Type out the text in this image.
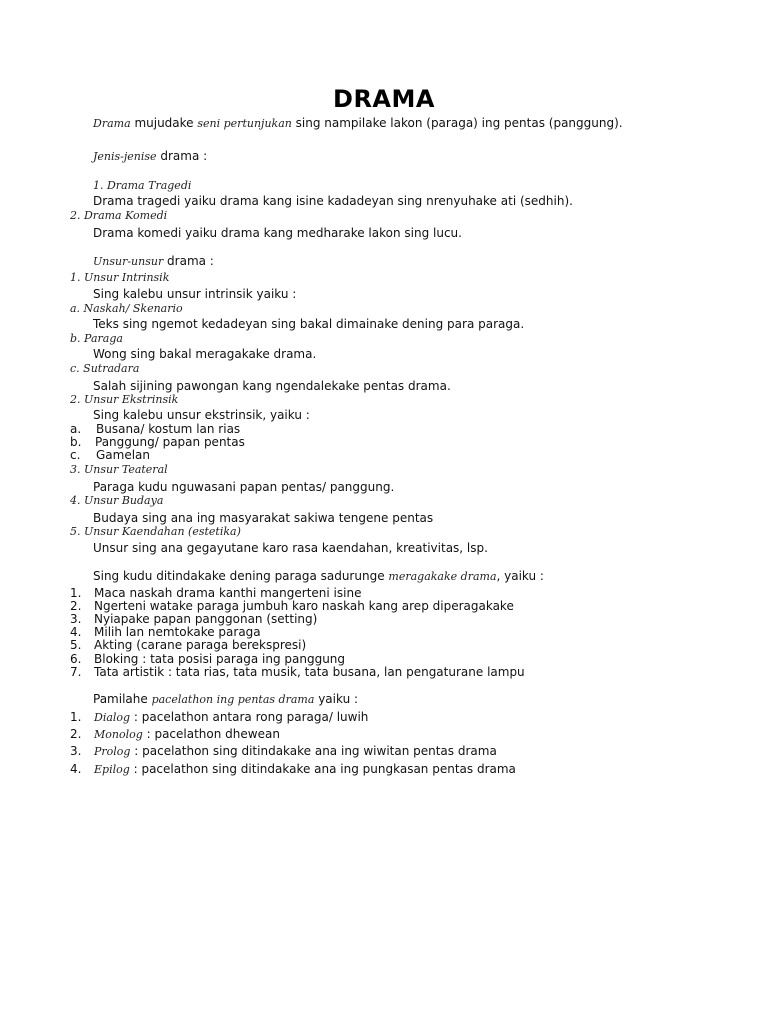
DRAMA
Drama mujudake seni pertunjukan sing nampilake lakon (paraga) ing pentas (panggung).
Jenis-jenise drama :
1. Drama Tragedi
Drama tragedi yaiku drama kang isine kadadeyan sing nrenyuhake ati (sedhih).
2. Drama Komedi
Drama komedi yaiku drama kang medharake lakon sing lucu.
Unsur-unsur drama :
1. Unsur Intrinsik
Sing kalebu unsur intrinsik yaiku :
a. Naskah/ Skenario
Teks sing ngemot kedadeyan sing bakal dimainake dening para paraga.
b. Paraga
Wong sing bakal meragakake drama.
c. Sutradara
Salah sijining pawongan kang ngendalekake pentas drama.
2. Unsur Ekstrinsik
Sing kalebu unsur ekstrinsik, yaiku :
a. Busana/ kostum lan rias
b. Panggung/ papan pentas
c. Gamelan
3. Unsur Teateral
Paraga kudu nguwasani papan pentas/ panggung.
4. Unsur Budaya
Budaya sing ana ing masyarakat sakiwa tengene pentas
5. Unsur Kaendahan (estetika)
Unsur sing ana gegayutane karo rasa kaendahan, kreativitas, lsp.
Sing kudu ditindakake dening paraga sadurunge meragakake drama, yaiku :
1. Maca naskah drama kanthi mangerteni isine
2. Ngerteni watake paraga jumbuh karo naskah kang arep diperagakake
3. Nyiapake papan panggonan (setting)
4. Milih lan nemtokake paraga
5. Akting (carane paraga berekspresi)
6. Bloking : tata posisi paraga ing panggung
7. Tata artistik : tata rias, tata musik, tata busana, lan pengaturane lampu
Pamilahe pacelathon ing pentas drama yaiku :
1. Dialog : pacelathon antara rong paraga/ luwih
2. Monolog : pacelathon dhewean
3. Prolog : pacelathon sing ditindakake ana ing wiwitan pentas drama
4. Epilog : pacelathon sing ditindakake ana ing pungkasan pentas drama
